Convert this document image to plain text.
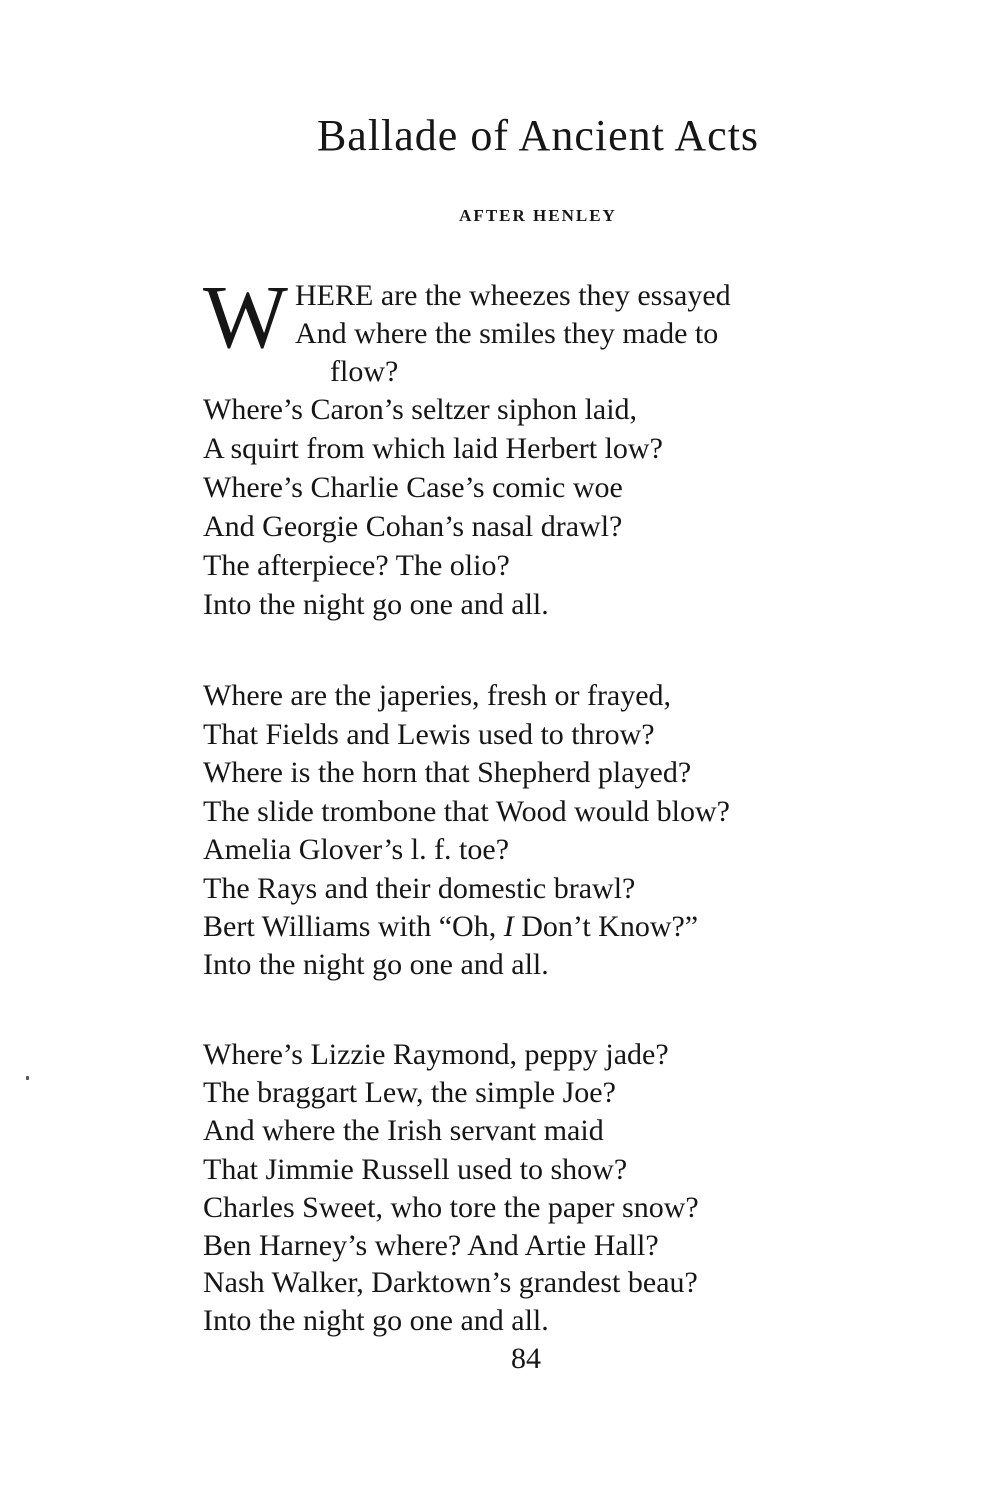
Ballade of Ancient Acts
AFTER HENLEY
W HERE are the wheezes they essayed
And where the smiles they made to
flow?
Where’s Caron’s seltzer siphon laid,
A squirt from which laid Herbert low?
Where’s Charlie Case’s comic woe
And Georgie Cohan’s nasal drawl?
The afterpiece? The olio?
Into the night go one and all.
Where are the japeries, fresh or frayed,
That Fields and Lewis used to throw?
Where is the horn that Shepherd played?
The slide trombone that Wood would blow?
Amelia Glover’s l. f. toe?
The Rays and their domestic brawl?
Bert Williams with “Oh, I Don’t Know?”
Into the night go one and all.
Where’s Lizzie Raymond, peppy jade?
The braggart Lew, the simple Joe?
And where the Irish servant maid
That Jimmie Russell used to show?
Charles Sweet, who tore the paper snow?
Ben Harney’s where? And Artie Hall?
Nash Walker, Darktown’s grandest beau?
Into the night go one and all.
84
